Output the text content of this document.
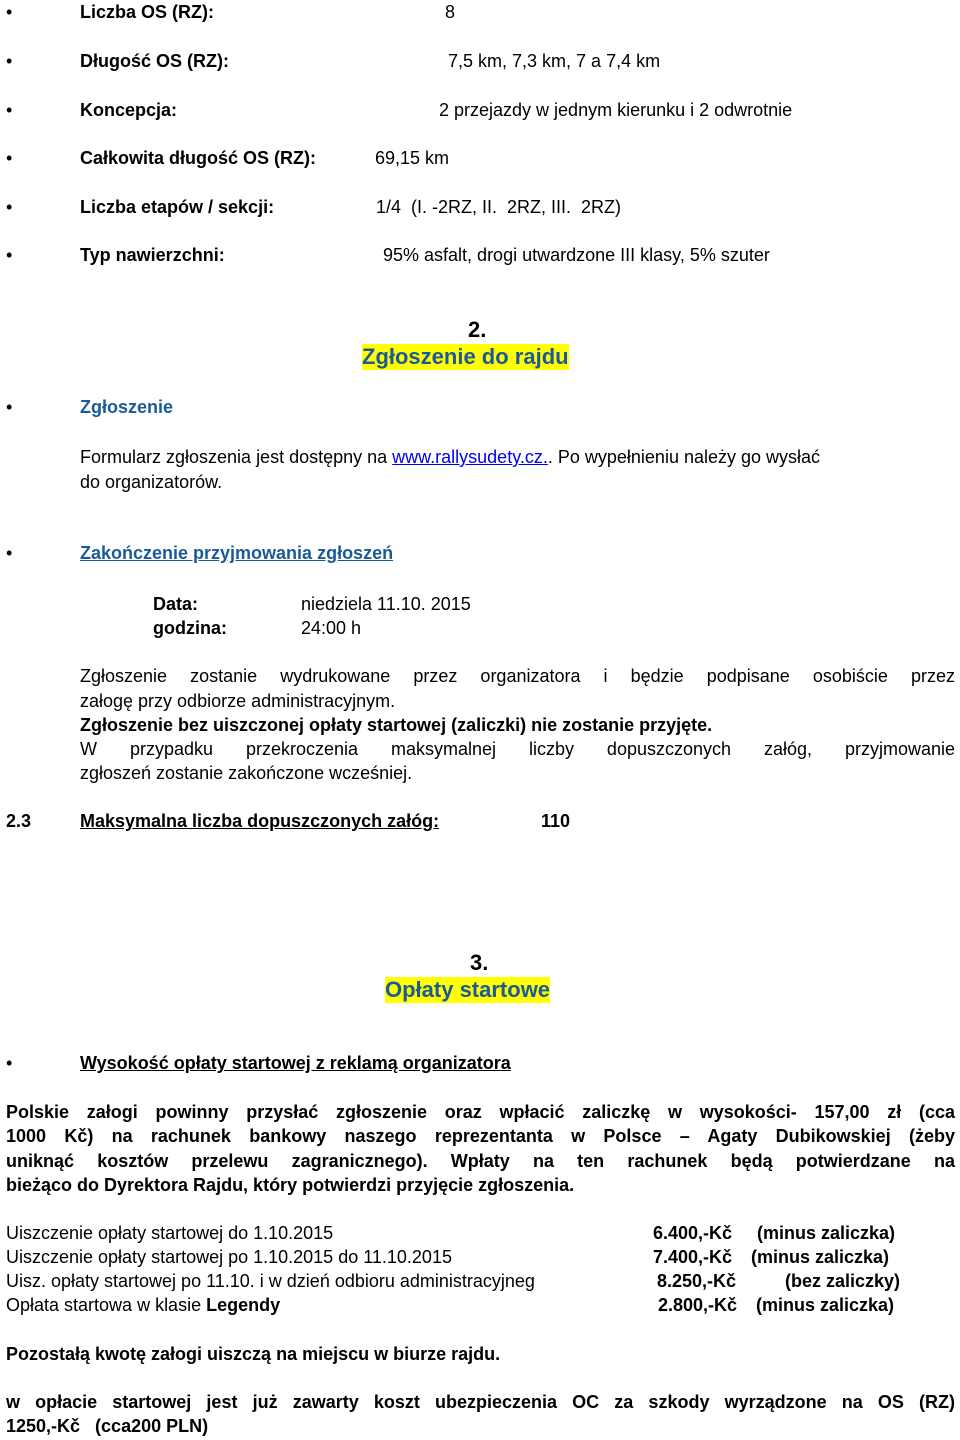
•	Liczba OS (RZ):	8
•	Długość OS (RZ):	7,5 km, 7,3 km, 7 a 7,4 km
•	Koncepcja:	2 przejazdy w jednym kierunku i 2 odwrotnie
•	Całkowita długość OS (RZ):	69,15 km
•	Liczba etapów / sekcji:	1/4  (I. -2RZ, II.  2RZ, III.  2RZ)
•	Typ nawierzchni:	95% asfalt, drogi utwardzone III klasy, 5% szuter
2.
Zgłoszenie do rajdu
•	Zgłoszenie
Formularz zgłoszenia jest dostępny na www.rallysudety.cz.. Po wypełnieniu należy go wysłać
do organizatorów.
•	Zakończenie przyjmowania zgłoszeń
Data:	niedziela 11.10. 2015
godzina:	24:00 h
Zgłoszenie zostanie wydrukowane przez organizatora i będzie podpisane osobiście przez
załogę przy odbiorze administracyjnym.
Zgłoszenie bez uiszczonej opłaty startowej (zaliczki) nie zostanie przyjęte.
W przypadku przekroczenia maksymalnej liczby dopuszczonych załóg, przyjmowanie
zgłoszeń zostanie zakończone wcześniej.
2.3	Maksymalna liczba dopuszczonych załóg:	110
3.
Opłaty startowe
•	Wysokość opłaty startowej z reklamą organizatora
Polskie załogi powinny przysłać zgłoszenie oraz wpłacić zaliczkę w wysokości- 157,00 zł (cca
1000 Kč) na rachunek bankowy naszego reprezentanta w Polsce – Agaty Dubikowskiej (żeby
uniknąć kosztów przelewu zagranicznego). Wpłaty na ten rachunek będą potwierdzane na
bieżąco do Dyrektora Rajdu, który potwierdzi przyjęcie zgłoszenia.
Uiszczenie opłaty startowej do 1.10.2015	6.400,-Kč (minus zaliczka)
Uiszczenie opłaty startowej po 1.10.2015 do 11.10.2015	7.400,-Kč (minus zaliczka)
Uisz. opłaty startowej po 11.10. i w dzień odbioru administracyjneg	8.250,-Kč	(bez zaliczky)
Opłata startowa w klasie Legendy	2.800,-Kč (minus zaliczka)
Pozostałą kwotę załogi uiszczą na miejscu w biurze rajdu.
w opłacie startowej jest już zawarty koszt ubezpieczenia OC za szkody wyrządzone na OS (RZ)
1250,-Kč   (cca200 PLN)
